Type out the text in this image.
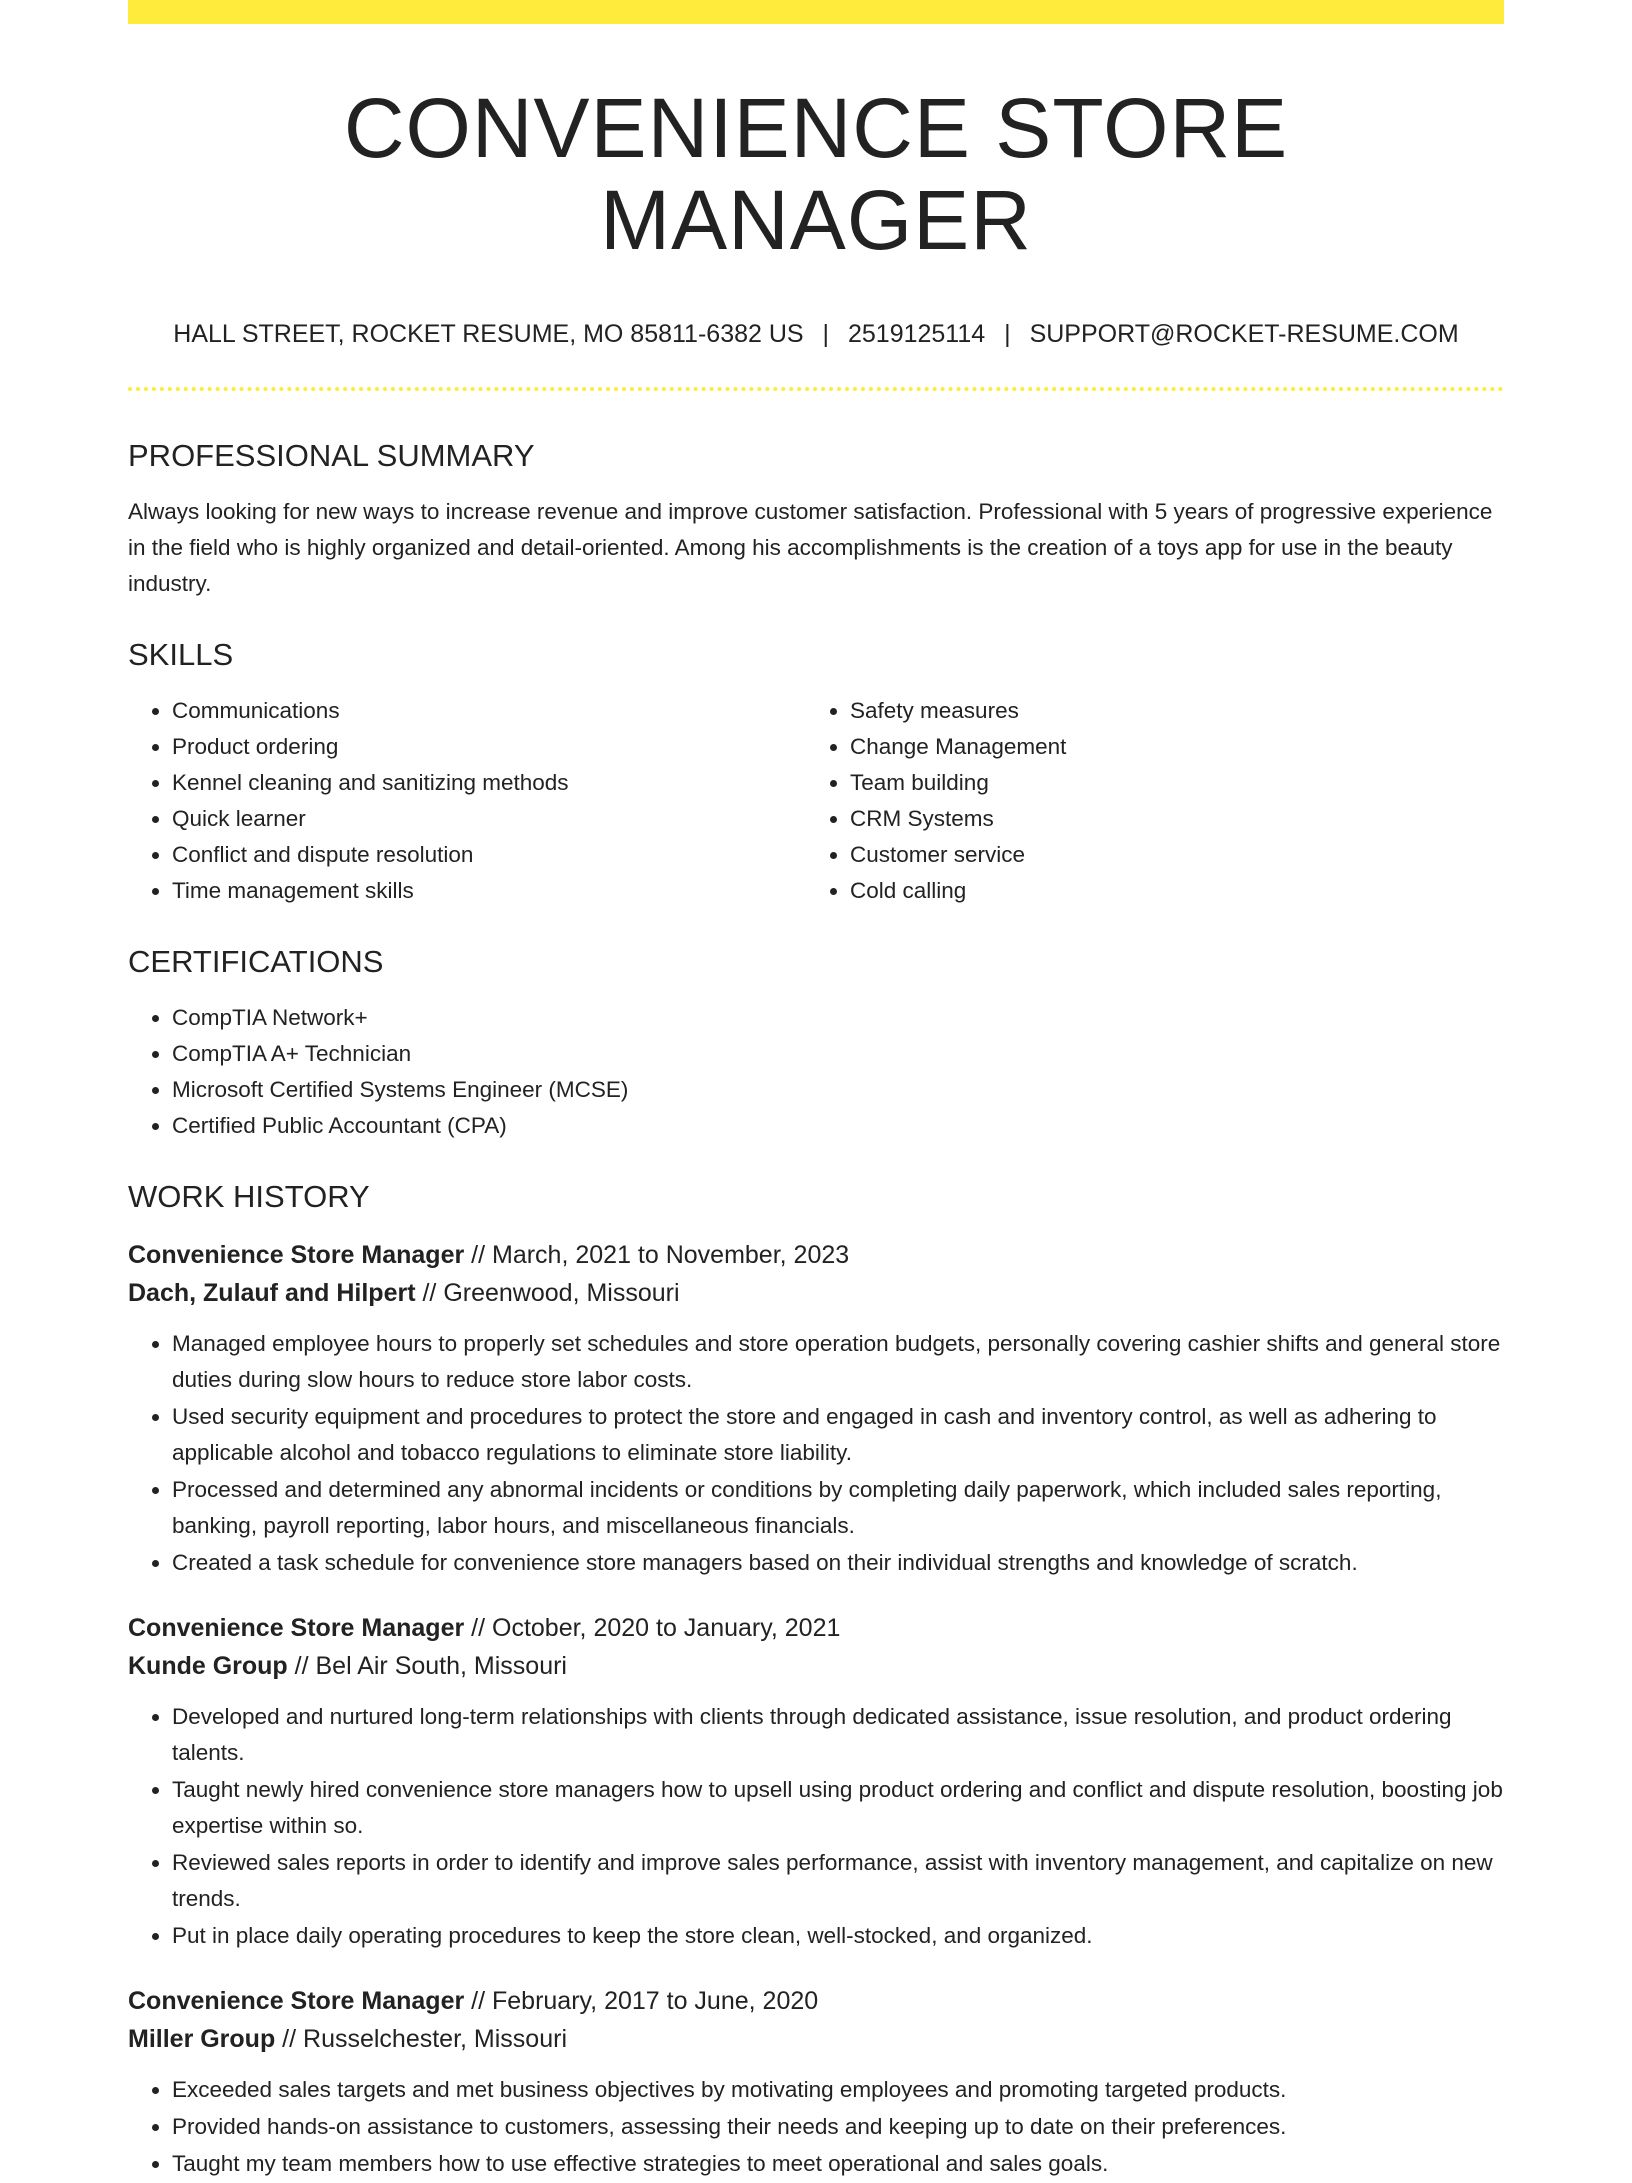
CONVENIENCE STORE MANAGER
HALL STREET, ROCKET RESUME, MO 85811-6382 US | 2519125114 | SUPPORT@ROCKET-RESUME.COM
PROFESSIONAL SUMMARY

Always looking for new ways to increase revenue and improve customer satisfaction. Professional with 5 years of progressive experience in the field who is highly organized and detail-oriented. Among his accomplishments is the creation of a toys app for use in the beauty industry.

SKILLS
• Communications
• Product ordering
• Kennel cleaning and sanitizing methods
• Quick learner
• Conflict and dispute resolution
• Time management skills
• Safety measures
• Change Management
• Team building
• CRM Systems
• Customer service
• Cold calling
CERTIFICATIONS
• CompTIA Network+
• CompTIA A+ Technician
• Microsoft Certified Systems Engineer (MCSE)
• Certified Public Accountant (CPA)
WORK HISTORY
Convenience Store Manager // March, 2021 to November, 2023
Dach, Zulauf and Hilpert // Greenwood, Missouri
• Managed employee hours to properly set schedules and store operation budgets, personally covering cashier shifts and general store duties during slow hours to reduce store labor costs.
• Used security equipment and procedures to protect the store and engaged in cash and inventory control, as well as adhering to applicable alcohol and tobacco regulations to eliminate store liability.
• Processed and determined any abnormal incidents or conditions by completing daily paperwork, which included sales reporting, banking, payroll reporting, labor hours, and miscellaneous financials.
• Created a task schedule for convenience store managers based on their individual strengths and knowledge of scratch.
Convenience Store Manager // October, 2020 to January, 2021
Kunde Group // Bel Air South, Missouri
• Developed and nurtured long-term relationships with clients through dedicated assistance, issue resolution, and product ordering talents.
• Taught newly hired convenience store managers how to upsell using product ordering and conflict and dispute resolution, boosting job expertise within so.
• Reviewed sales reports in order to identify and improve sales performance, assist with inventory management, and capitalize on new trends.
• Put in place daily operating procedures to keep the store clean, well-stocked, and organized.
Convenience Store Manager // February, 2017 to June, 2020
Miller Group // Russelchester, Missouri
• Exceeded sales targets and met business objectives by motivating employees and promoting targeted products.
• Provided hands-on assistance to customers, assessing their needs and keeping up to date on their preferences.
• Taught my team members how to use effective strategies to meet operational and sales goals.
